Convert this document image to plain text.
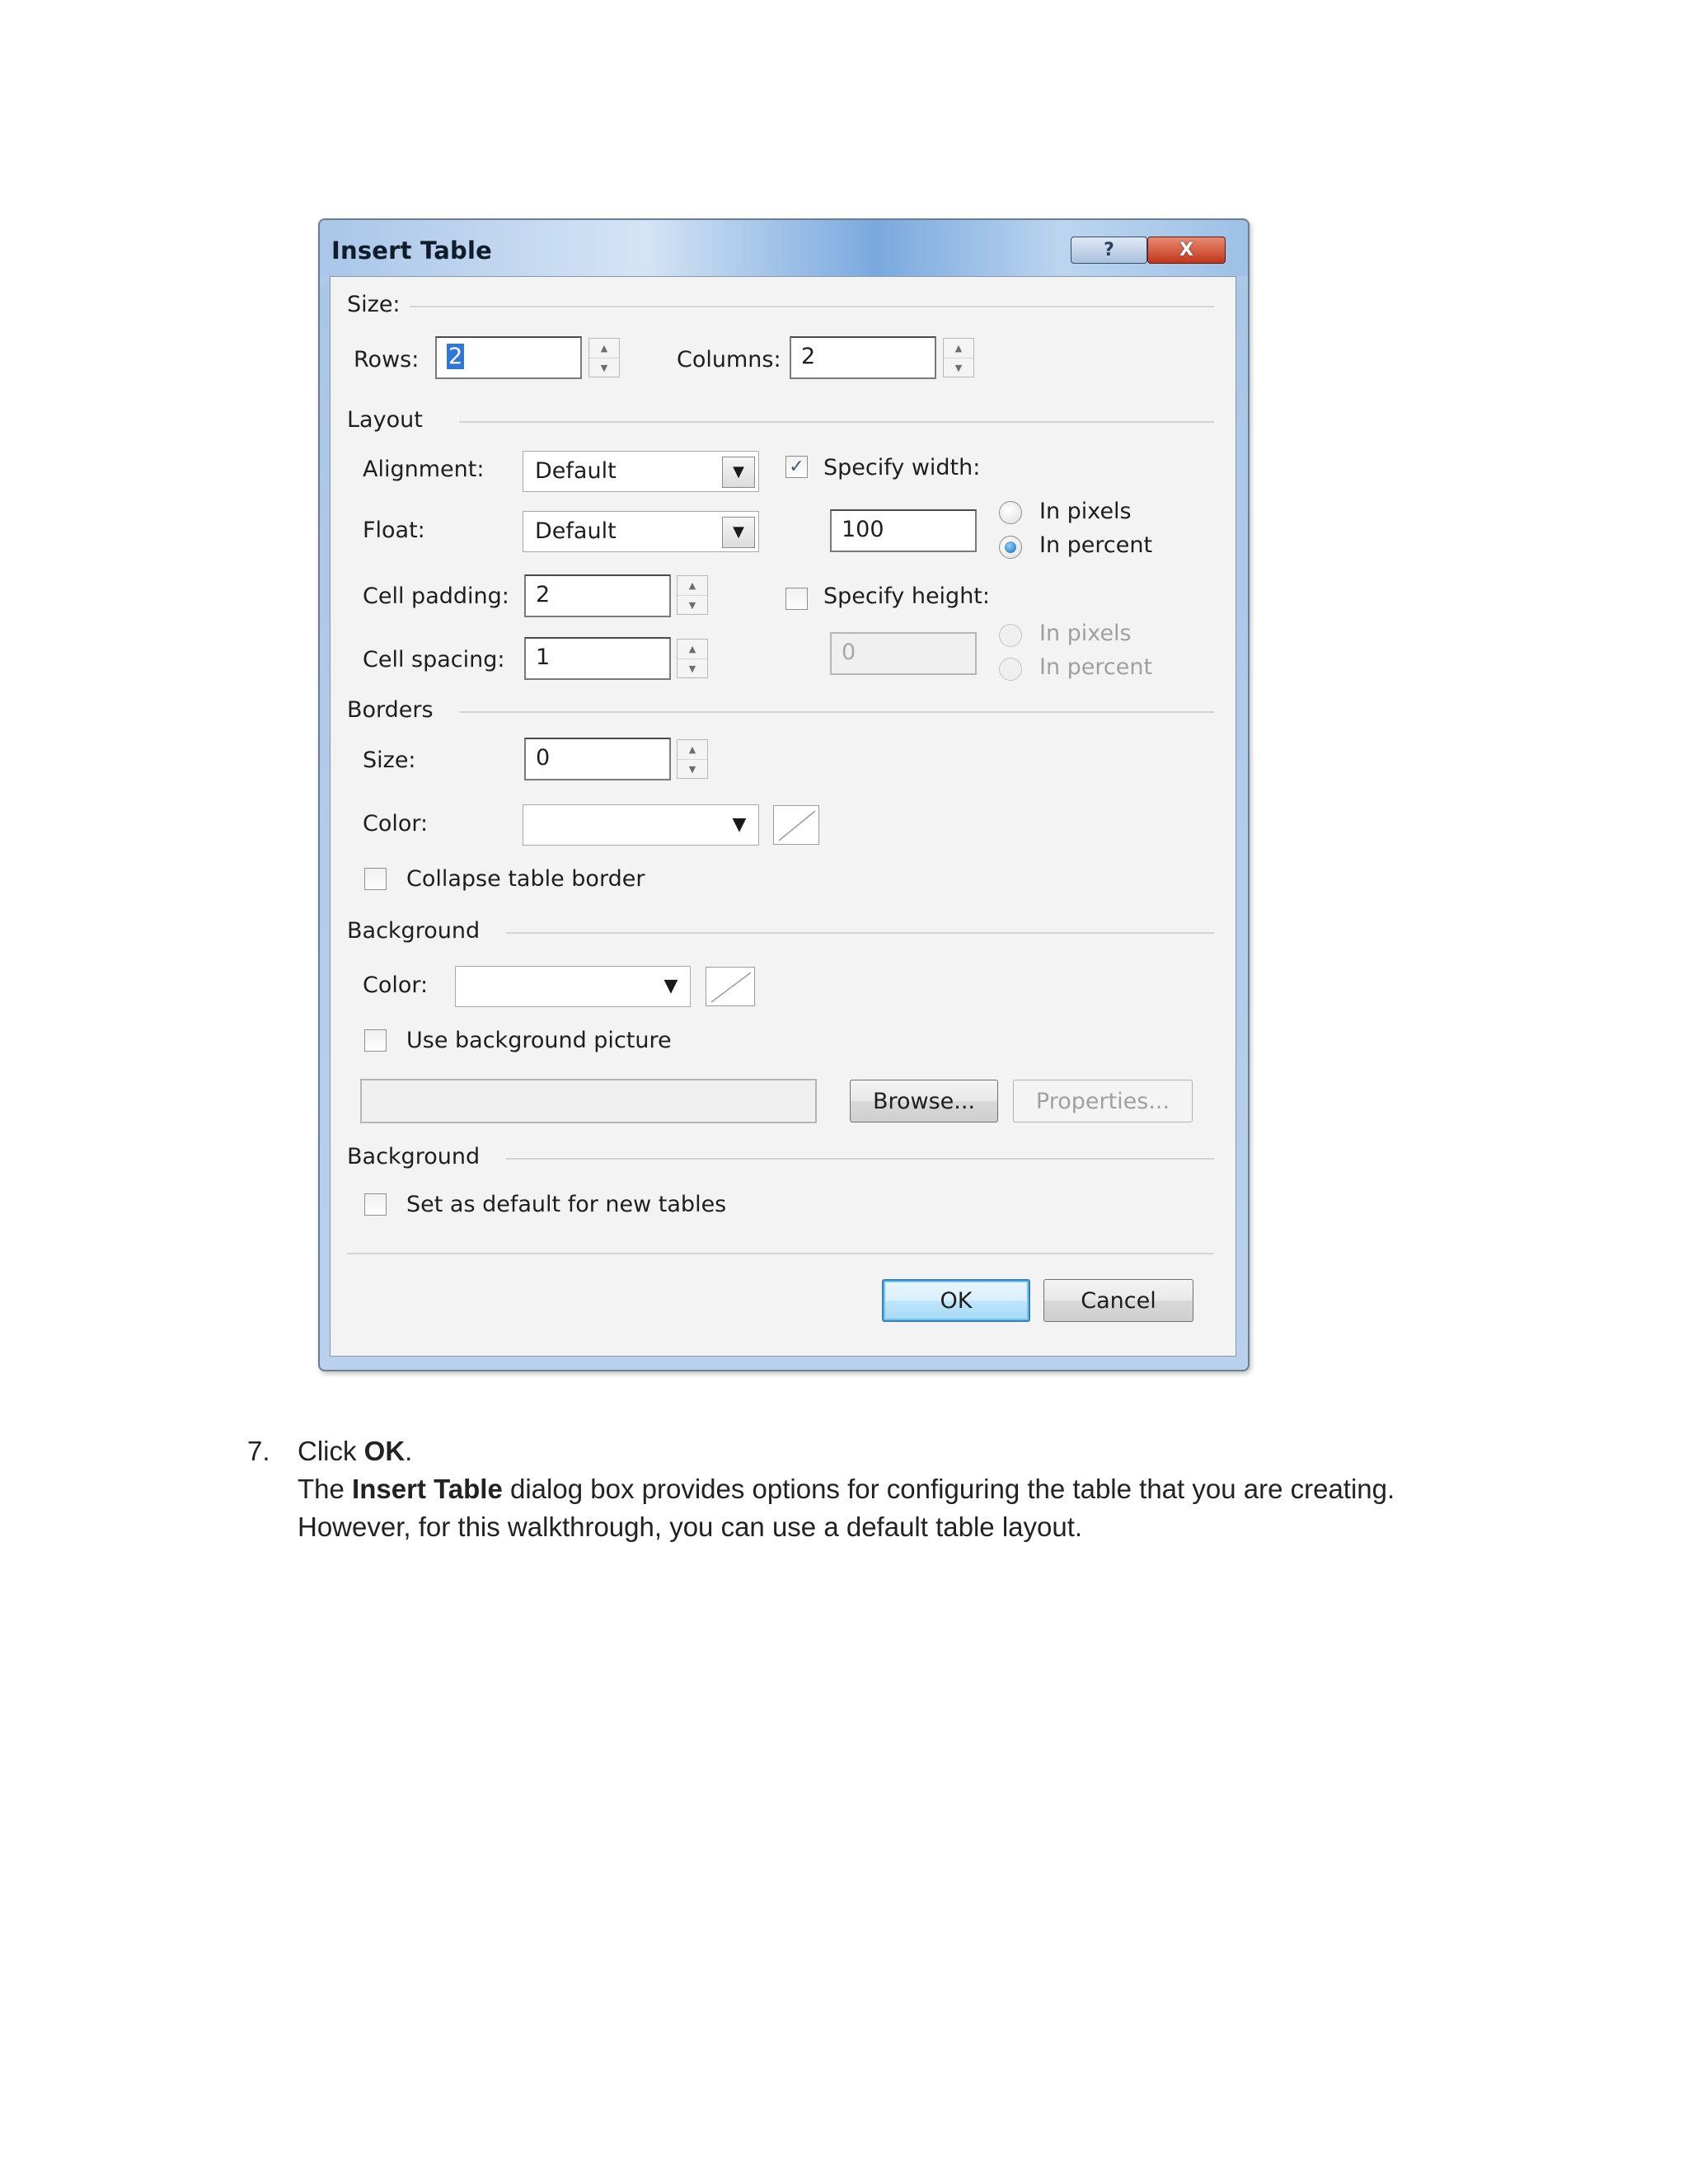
Insert Table	?	X
Size:
Rows:	2	▲
▼	Columns: 2	▲
▼
Layout
Alignment:	Default	▼
Float:	Default	▼
Cell padding:	2	▲
▼
Cell spacing:	1	▲
▼
✓ Specify width:
100
In pixels
In percent
Specify height:
0
In pixels
In percent
Borders
Size:	0	▲
▼
Color:	▼
Collapse table border
Background
Color:	▼
Use background picture
Browse...	Properties...
Background
Set as default for new tables
OK	Cancel
7. Click OK.
The Insert Table dialog box provides options for configuring the table that you are creating.
However, for this walkthrough, you can use a default table layout.
